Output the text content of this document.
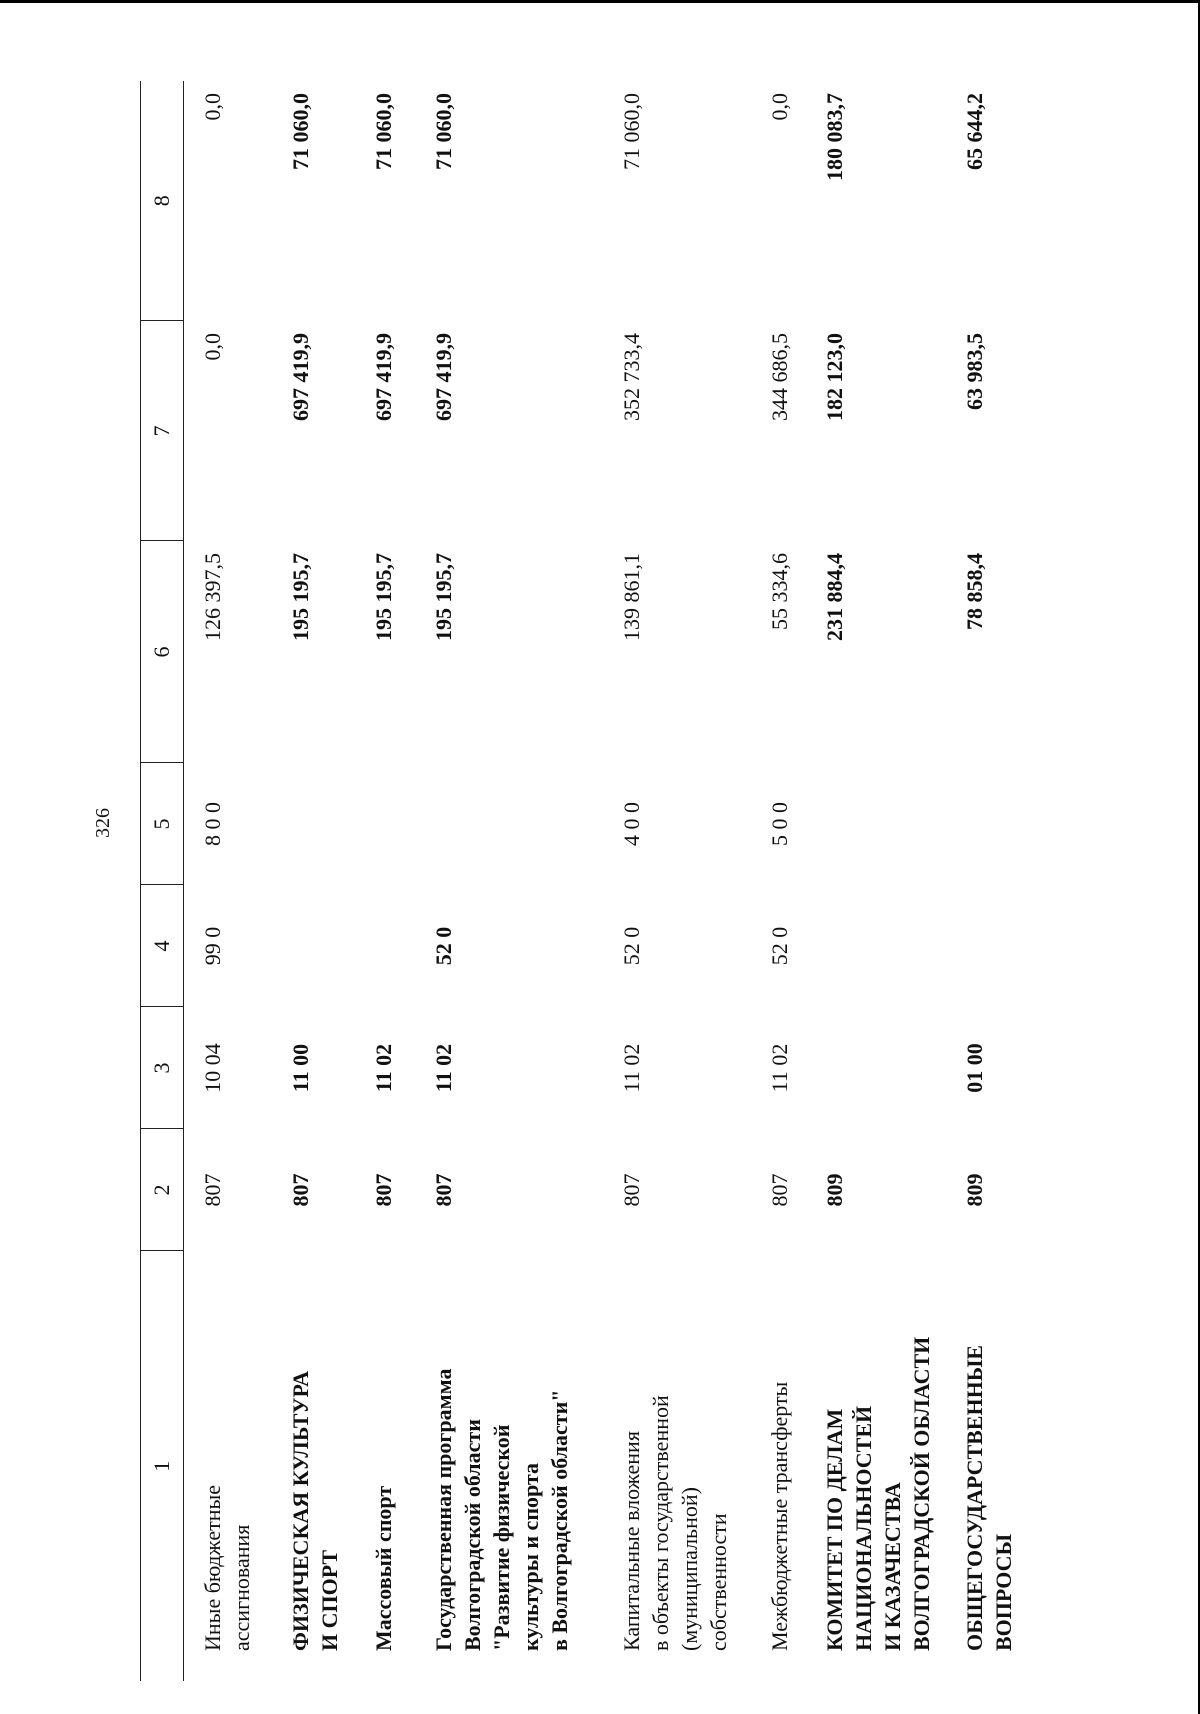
326
1	2	3	4	5	6	7	8
Иные бюджетные
ассигнования	807	10 04	99 0	8 0 0	126 397,5	0,0	0,0
ФИЗИЧЕСКАЯ КУЛЬТУРА
И СПОРТ	807	11 00			195 195,7	697 419,9	71 060,0
Массовый спорт	807	11 02			195 195,7	697 419,9	71 060,0
Государственная программа
Волгоградской области
"Развитие физической
культуры и спорта
в Волгоградской области"	807	11 02	52 0		195 195,7	697 419,9	71 060,0
Капитальные вложения
в объекты государственной
(муниципальной)
собственности	807	11 02	52 0	4 0 0	139 861,1	352 733,4	71 060,0
Межбюджетные трансферты	807	11 02	52 0	5 0 0	55 334,6	344 686,5	0,0
КОМИТЕТ ПО ДЕЛАМ
НАЦИОНАЛЬНОСТЕЙ
И КАЗАЧЕСТВА
ВОЛГОГРАДСКОЙ ОБЛАСТИ	809				231 884,4	182 123,0	180 083,7
ОБЩЕГОСУДАРСТВЕННЫЕ
ВОПРОСЫ	809	01 00			78 858,4	63 983,5	65 644,2
